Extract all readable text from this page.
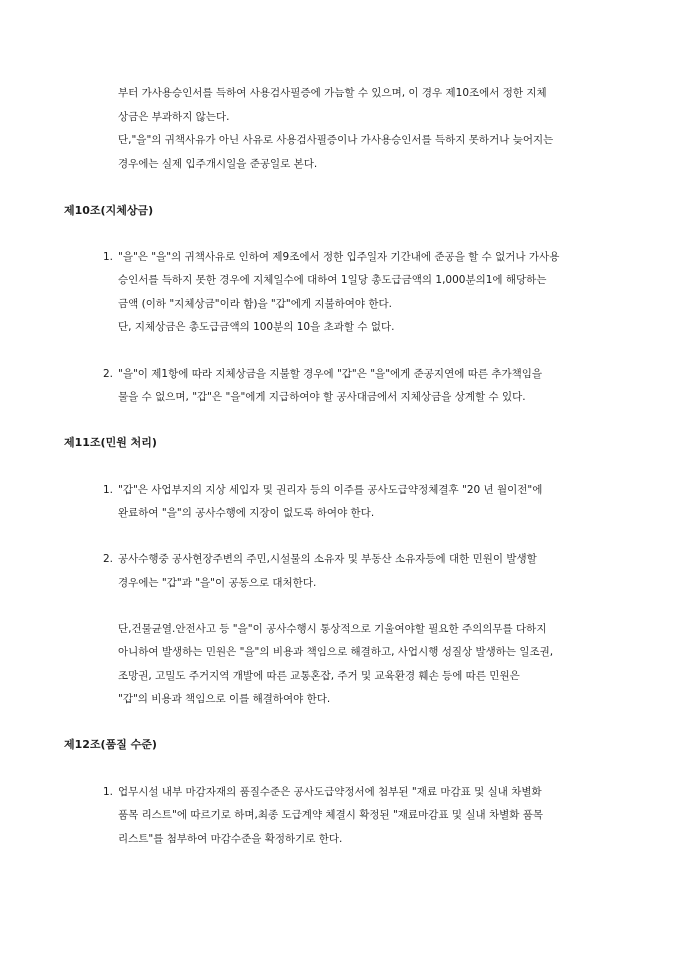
부터 가사용승인서를 득하여 사용검사필증에 가늠할 수 있으며, 이 경우 제10조에서 정한 지체

상금은 부과하지 않는다.

단,"을"의 귀책사유가 아닌 사유로 사용검사필증이나 가사용승인서를 득하지 못하거나 늦어지는

경우에는 실제 입주개시일을 준공일로 본다.

제10조(지체상금)
1. "을"은 "을"의 귀책사유로 인하여 제9조에서 정한 입주일자 기간내에 준공을 할 수 없거나 가사용

승인서를 득하지 못한 경우에 지체일수에 대하여 1일당 총도급금액의 1,000분의1에 해당하는

금액 (이하 "지체상금"이라 함)을 "갑"에게 지불하여야 한다.

단, 지체상금은 총도급금액의 100분의 10을 초과할 수 없다.

2. "을"이 제1항에 따라 지체상금을 지불할 경우에 "갑"은 "을"에게 준공지연에 따른 추가책임을

물을 수 없으며, "갑"은 "을"에게 지급하여야 할 공사대금에서 지체상금을 상계할 수 있다.

제11조(민원 처리)
1. "갑"은 사업부지의 지상 세입자 및 권리자 등의 이주를 공사도급약정체결후 "20 년 월이전"에

완료하여 "을"의 공사수행에 지장이 없도록 하여야 한다.

2. 공사수행중 공사현장주변의 주민,시설물의 소유자 및 부동산 소유자등에 대한 민원이 발생할

경우에는 "갑"과 "을"이 공동으로 대처한다.

단,건물균열.안전사고 등 "을"이 공사수행시 통상적으로 기울여야할 필요한 주의의무를 다하지

아니하여 발생하는 민원은 "을"의 비용과 책임으로 해결하고, 사업시행 성질상 발생하는 일조권,

조망권, 고밀도 주거지역 개발에 따른 교통혼잡, 주거 및 교육환경 훼손 등에 따른 민원은

"갑"의 비용과 책임으로 이를 해결하여야 한다.

제12조(품질 수준)
1. 업무시설 내부 마감자재의 품질수준은 공사도급약정서에 첨부된 "재료 마감표 및 실내 차별화

품목 리스트"에 따르기로 하며,최종 도급계약 체결시 확정된 "재료마감표 및 실내 차별화 품목

리스트"를 첨부하여 마감수준을 확정하기로 한다.
